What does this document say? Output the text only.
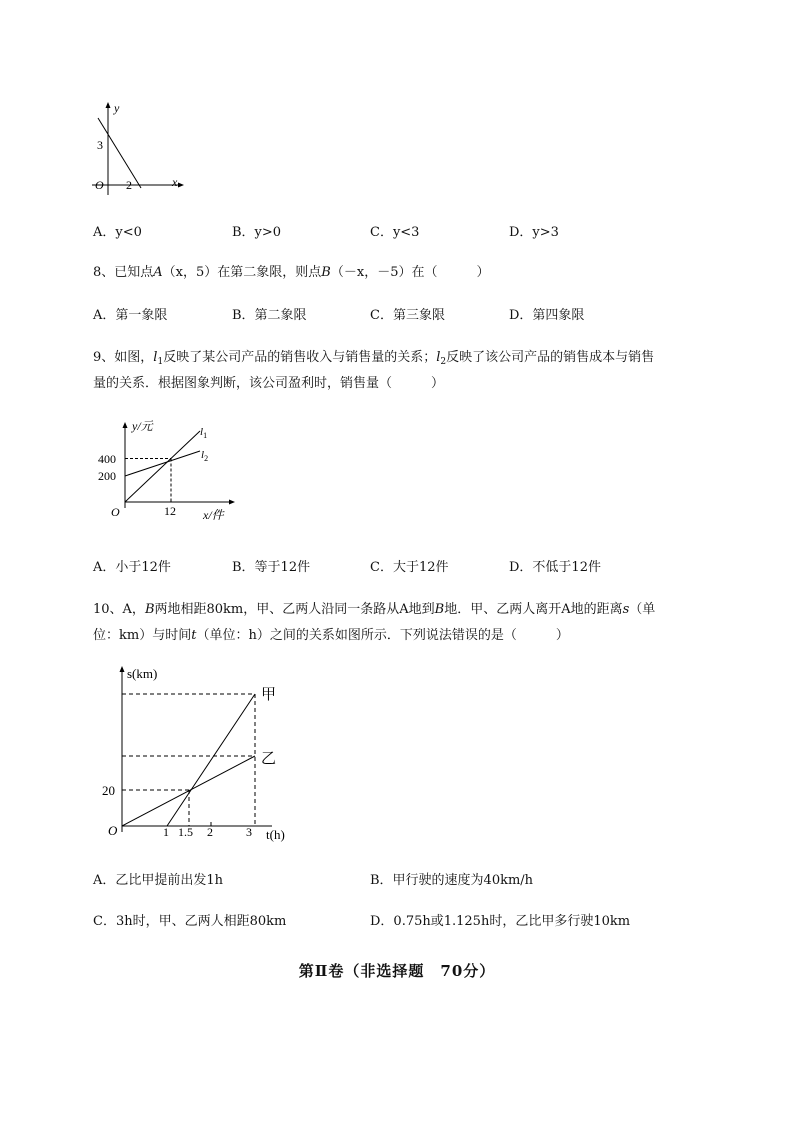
y
x
O
3
2
A．y<0	B．y>0	C．y<3	D．y>3
8、已知点A（x，5）在第二象限，则点B（－x，－5）在（　　　）
A．第一象限	B．第二象限	C．第三象限	D．第四象限
9、如图，$l_1$反映了某公司产品的销售收入与销售量的关系；$l_2$反映了该公司产品的销售成本与销售
量的关系．根据图象判断，该公司盈利时，销售量（　　　）
y/元
x/件
O
400
200
12
$l_1$
$l_2$
A．小于12件	B．等于12件	C．大于12件	D．不低于12件
10、A，B两地相距80km，甲、乙两人沿同一条路从A地到B地．甲、乙两人离开A地的距离s（单
位：km）与时间t（单位：h）之间的关系如图所示．下列说法错误的是（　　　）
s(km)
t(h)
O
20
1 1.5 2	3
甲
乙
A．乙比甲提前出发1h	B．甲行驶的速度为40km/h
C．3h时，甲、乙两人相距80km	D．0.75h或1.125h时，乙比甲多行驶10km
第Ⅱ卷（非选择题　70分）
